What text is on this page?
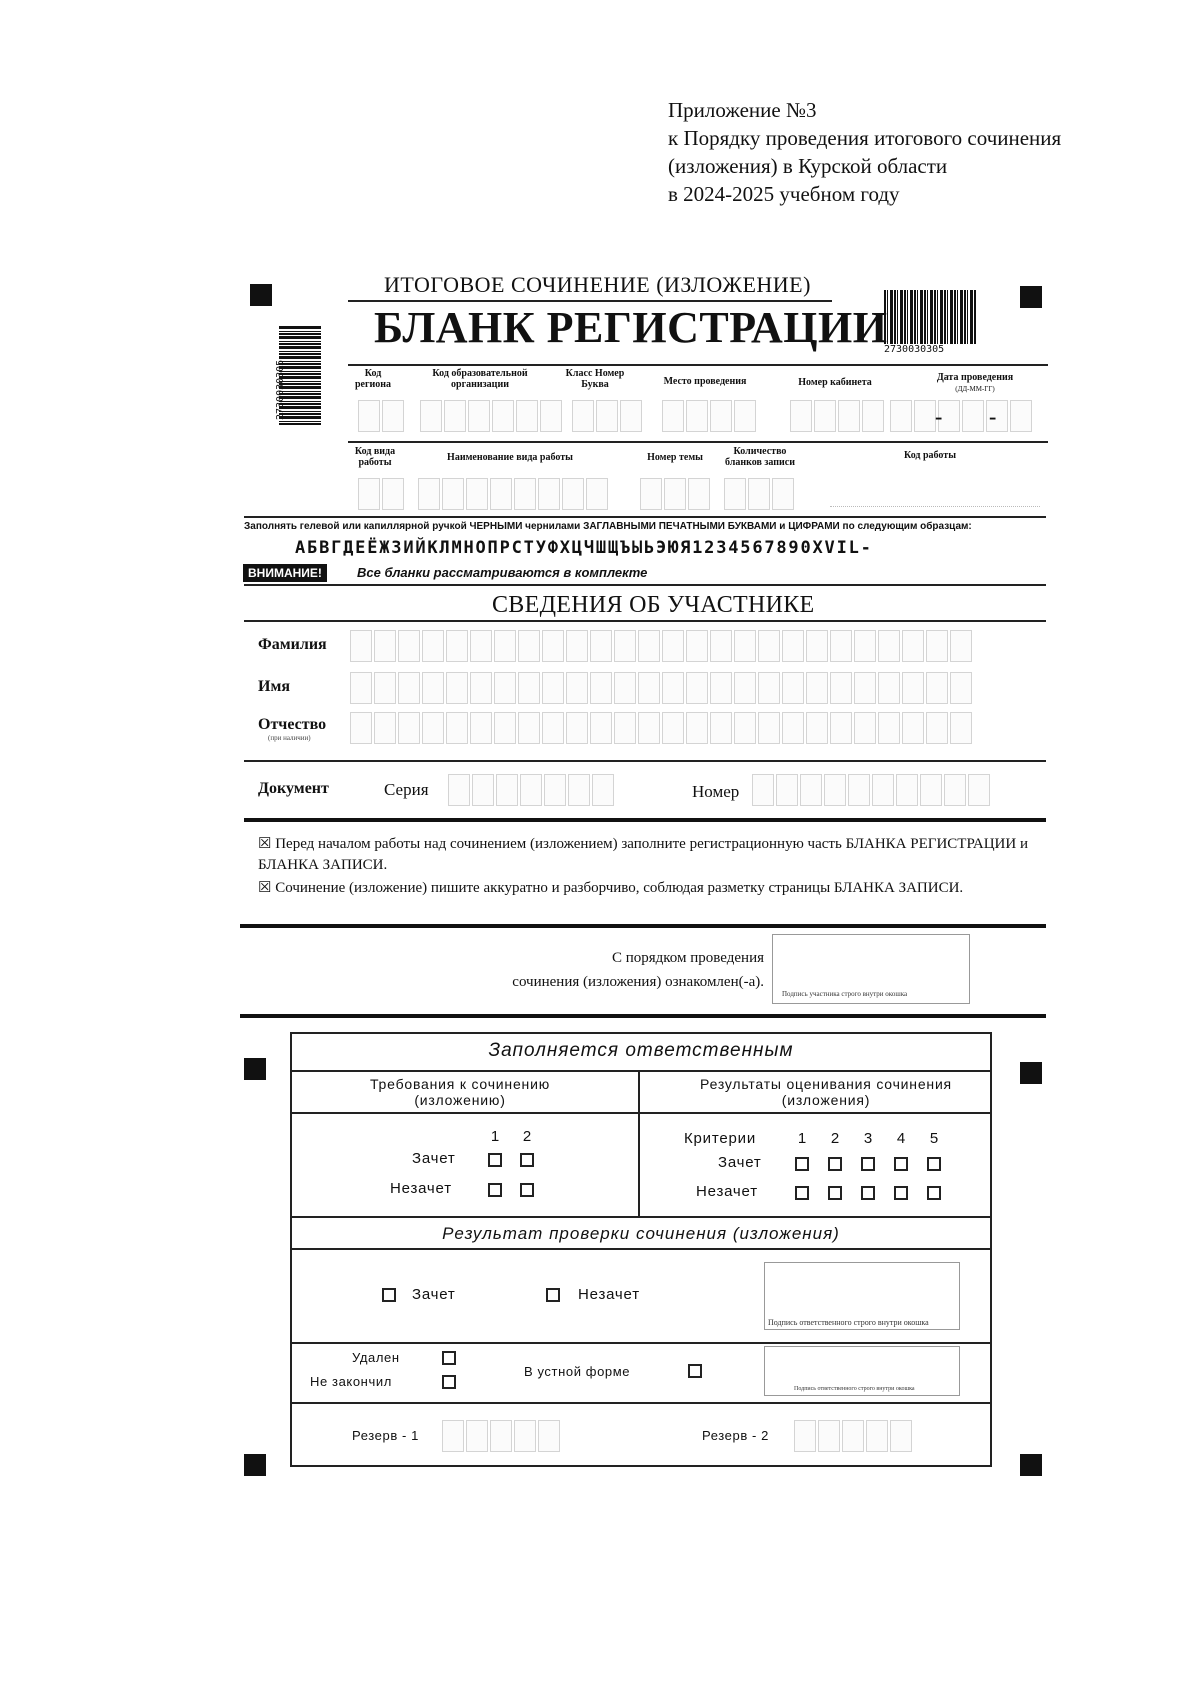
Приложение №3
к Порядку проведения итогового сочинения
(изложения) в Курской области
в 2024-2025 учебном году
2730030305
2730030305
ИТОГОВОЕ СОЧИНЕНИЕ (ИЗЛОЖЕНИЕ)
БЛАНК РЕГИСТРАЦИИ
Код региона
Код образовательной организации
Класс Номер Буква	Место проведения	Номер кабинета	Дата проведения
(ДД-ММ-ГГ)
- -
Код вида работы	Наименование вида работы	Номер темы
Количество бланков записи
Код работы
Заполнять гелевой или капиллярной ручкой ЧЕРНЫМИ чернилами ЗАГЛАВНЫМИ ПЕЧАТНЫМИ БУКВАМИ и ЦИФРАМИ по следующим образцам:
АБВГДЕЁЖЗИЙКЛМНОПРСТУФХЦЧШЩЪЫЬЭЮЯ1234567890XVIL-
ВНИМАНИЕ!	Все бланки рассматриваются в комплекте
СВЕДЕНИЯ ОБ УЧАСТНИКЕ
Фамилия
Имя
Отчество
(при наличии)
Документ	Серия	Номер
☒ Перед началом работы над сочинением (изложением) заполните регистрационную часть БЛАНКА РЕГИСТРАЦИИ и БЛАНКА ЗАПИСИ.
☒ Сочинение (изложение) пишите аккуратно и разборчиво, соблюдая разметку страницы БЛАНКА ЗАПИСИ.
С порядком проведения
сочинения (изложения) ознакомлен(-а).
Подпись участника строго внутри окошка
Заполняется ответственным
Требования к сочинению (изложению)
Результаты оценивания сочинения (изложения)
1 2
Зачет
Незачет
Критерии	1 2 3 4 5
Зачет
Незачет
Результат проверки сочинения (изложения)
Зачет	Незачет
Подпись ответственного строго внутри окошка
Удален
Не закончил
В устной форме
Подпись ответственного строго внутри окошка
Резерв - 1	Резерв - 2
